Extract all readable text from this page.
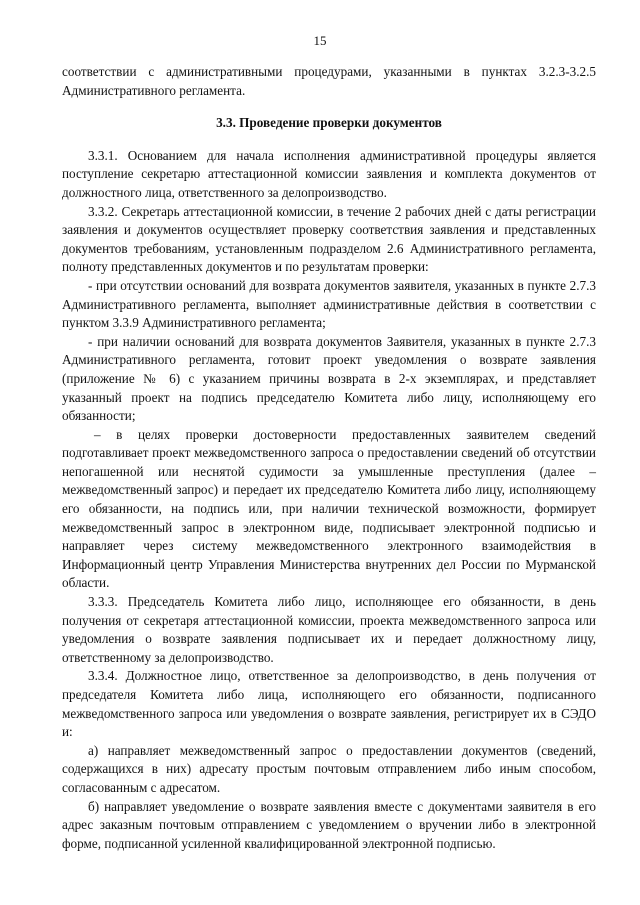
15

соответствии с административными процедурами, указанными в пунктах 3.2.3-3.2.5 Административного регламента.

3.3. Проведение проверки документов

3.3.1. Основанием для начала исполнения административной процедуры является поступление секретарю аттестационной комиссии заявления и комплекта документов от должностного лица, ответственного за делопроизводство.

3.3.2. Секретарь аттестационной комиссии, в течение 2 рабочих дней с даты регистрации заявления и документов осуществляет проверку соответствия заявления и представленных документов требованиям, установленным подразделом 2.6 Административного регламента, полноту представленных документов и по результатам проверки:

- при отсутствии оснований для возврата документов заявителя, указанных в пункте 2.7.3 Административного регламента, выполняет административные действия в соответствии с пунктом 3.3.9 Административного регламента;

- при наличии оснований для возврата документов Заявителя, указанных в пункте 2.7.3 Административного регламента, готовит проект уведомления о возврате заявления (приложение № 6) с указанием причины возврата в 2-х экземплярах, и представляет указанный проект на подпись председателю Комитета либо лицу, исполняющему его обязанности;

– в целях проверки достоверности предоставленных заявителем сведений подготавливает проект межведомственного запроса о предоставлении сведений об отсутствии непогашенной или неснятой судимости за умышленные преступления (далее – межведомственный запрос) и передает их председателю Комитета либо лицу, исполняющему его обязанности, на подпись или, при наличии технической возможности, формирует межведомственный запрос в электронном виде, подписывает электронной подписью и направляет через систему межведомственного электронного взаимодействия в Информационный центр Управления Министерства внутренних дел России по Мурманской области.

3.3.3. Председатель Комитета либо лицо, исполняющее его обязанности, в день получения от секретаря аттестационной комиссии, проекта межведомственного запроса или уведомления о возврате заявления подписывает их и передает должностному лицу, ответственному за делопроизводство.

3.3.4. Должностное лицо, ответственное за делопроизводство, в день получения от председателя Комитета либо лица, исполняющего его обязанности, подписанного межведомственного запроса или уведомления о возврате заявления, регистрирует их в СЭДО и:

а) направляет межведомственный запрос о предоставлении документов (сведений, содержащихся в них) адресату простым почтовым отправлением либо иным способом, согласованным с адресатом.

б) направляет уведомление о возврате заявления вместе с документами заявителя в его адрес заказным почтовым отправлением с уведомлением о вручении либо в электронной форме, подписанной усиленной квалифицированной электронной подписью.
